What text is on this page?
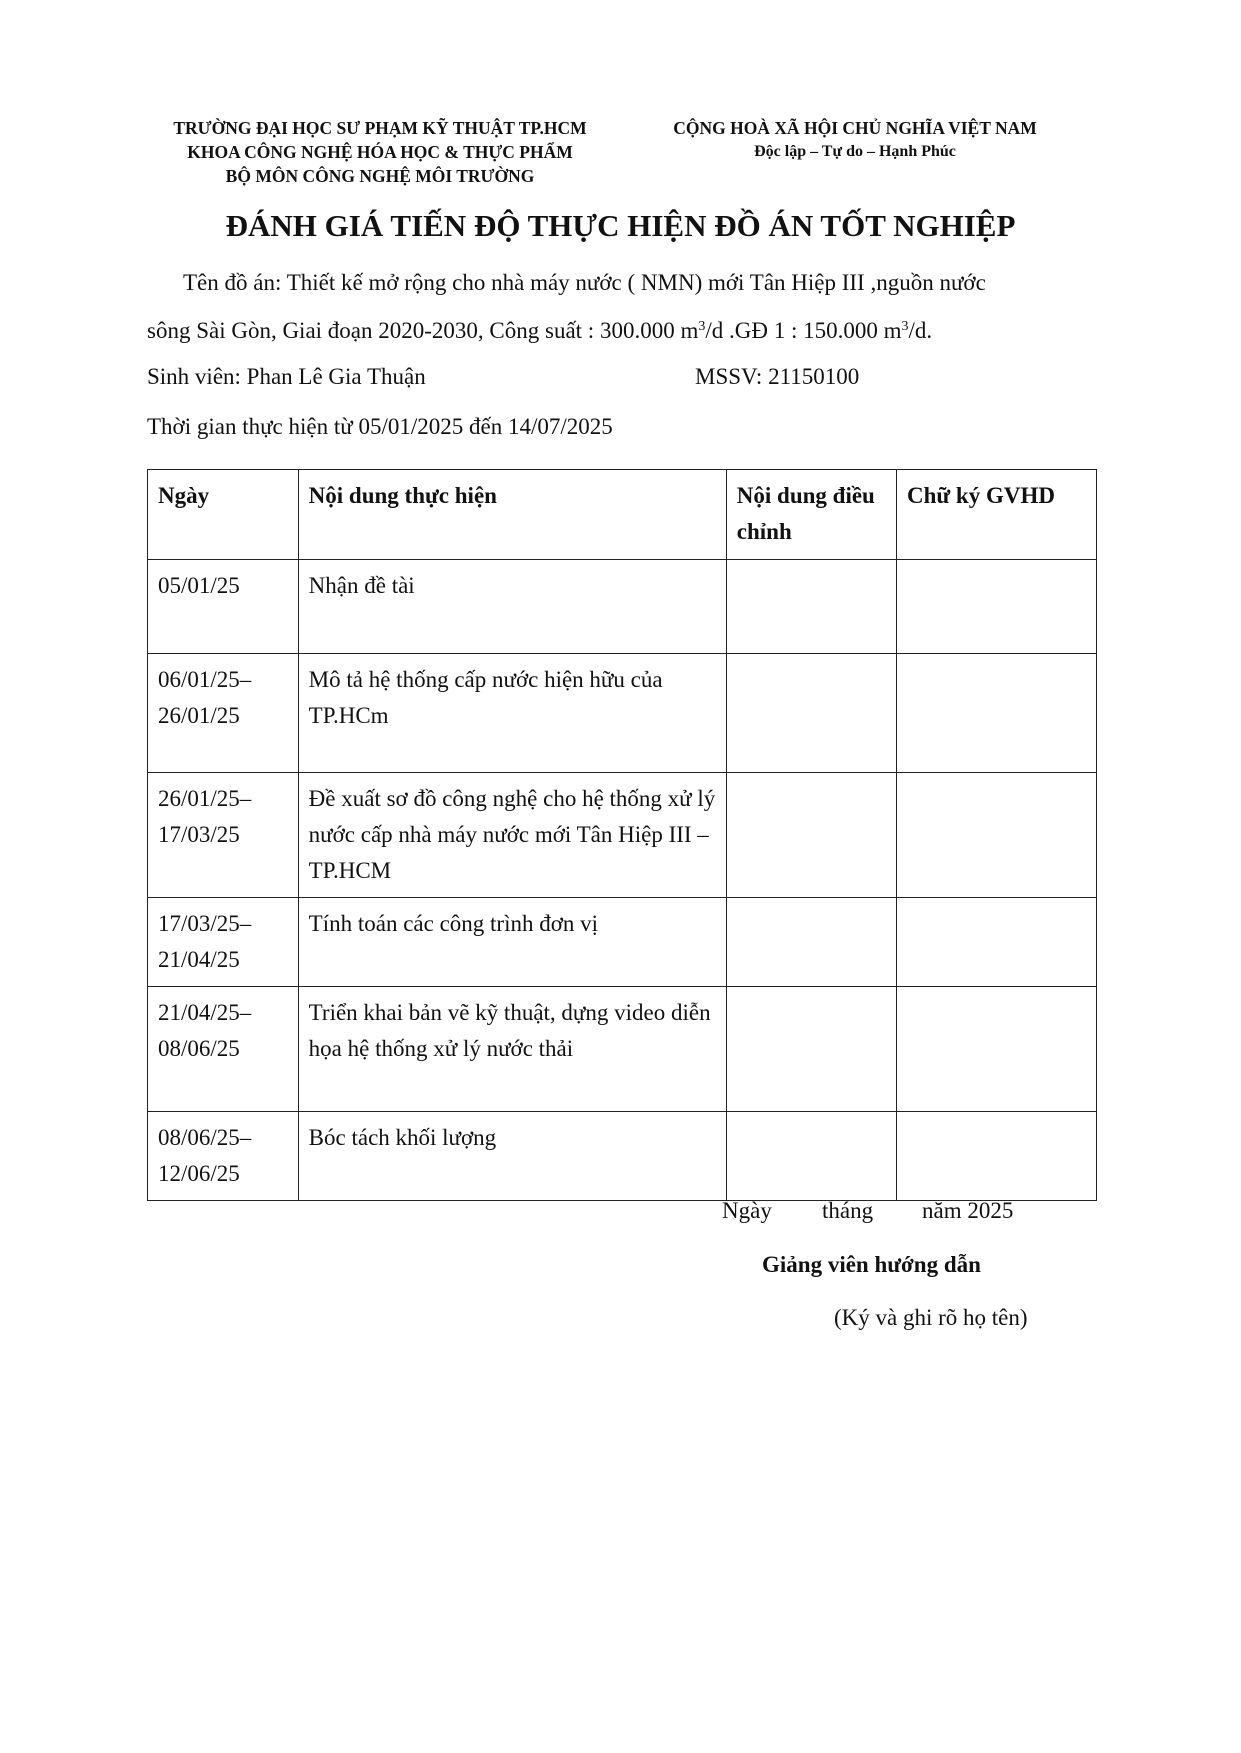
TRƯỜNG ĐẠI HỌC SƯ PHẠM KỸ THUẬT TP.HCM
KHOA CÔNG NGHỆ HÓA HỌC & THỰC PHẨM
BỘ MÔN CÔNG NGHỆ MÔI TRƯỜNG
CỘNG HOÀ XÃ HỘI CHỦ NGHĨA VIỆT NAM
Độc lập – Tự do – Hạnh Phúc
ĐÁNH GIÁ TIẾN ĐỘ THỰC HIỆN ĐỒ ÁN TỐT NGHIỆP
Tên đồ án: Thiết kế mở rộng cho nhà máy nước ( NMN) mới Tân Hiệp III ,nguồn nước
sông Sài Gòn, Giai đoạn 2020-2030, Công suất : 300.000 $m^3/d$ .GĐ 1 : 150.000 $m^3/d$.
Sinh viên: Phan Lê Gia Thuận	MSSV: 21150100
Thời gian thực hiện từ 05/01/2025 đến 14/07/2025
Ngày	Nội dung thực hiện	Nội dung điều chỉnh	Chữ ký GVHD
05/01/25	Nhận đề tài		
06/01/25–26/01/25	Mô tả hệ thống cấp nước hiện hữu của TP.HCm		
26/01/25–17/03/25	Đề xuất sơ đồ công nghệ cho hệ thống xử lý nước cấp nhà máy nước mới Tân Hiệp III – TP.HCM		
17/03/25–21/04/25	Tính toán các công trình đơn vị		
21/04/25–08/06/25	Triển khai bản vẽ kỹ thuật, dựng video diễn họa hệ thống xử lý nước thải		
08/06/25–12/06/25	Bóc tách khối lượng		
Ngày tháng năm 2025
Giảng viên hướng dẫn
(Ký và ghi rõ họ tên)
